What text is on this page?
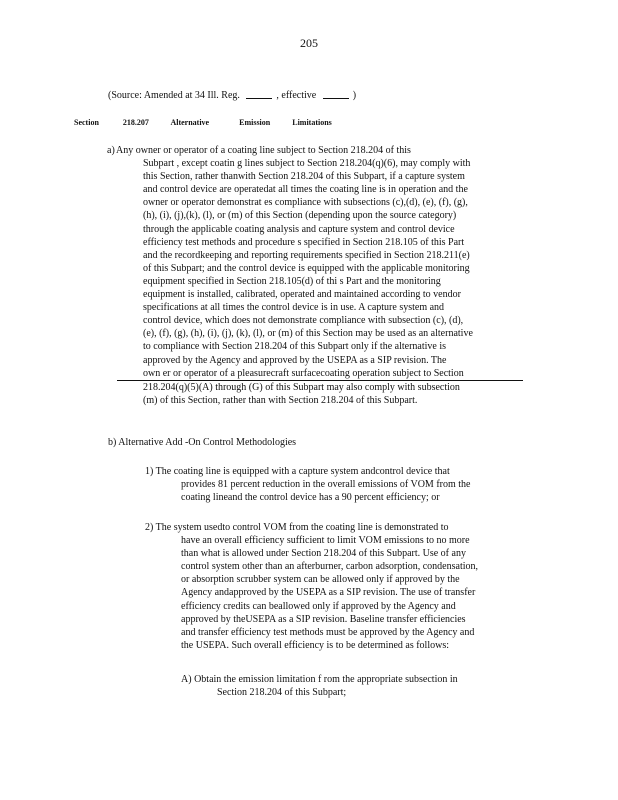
205
(Source: Amended at 34 Ill. Reg.	, effective	)
Section	218.207	Alternative	Emission	Limitations
a) Any owner or operator of a coating line subject to Section 218.204 of this
Subpart , except coatin g lines subject to Section 218.204(q)(6), may comply with
this Section, rather thanwith Section 218.204 of this Subpart, if a capture system
and control device are operatedat all times the coating line is in operation and the
owner or operator demonstrat es compliance with subsections (c),(d), (e), (f), (g),
(h), (i), (j),(k), (l), or (m) of this Section (depending upon the source category)
through the applicable coating analysis and capture system and control device
efficiency test methods and procedure s specified in Section 218.105 of this Part
and the recordkeeping and reporting requirements specified in Section 218.211(e)
of this Subpart; and the control device is equipped with the applicable monitoring
equipment specified in Section 218.105(d) of thi s Part and the monitoring
equipment is installed, calibrated, operated and maintained according to vendor
specifications at all times the control device is in use. A capture system and
control device, which does not demonstrate compliance with subsection (c), (d),
(e), (f), (g), (h), (i), (j), (k), (l), or (m) of this Section may be used as an alternative
to compliance with Section 218.204 of this Subpart only if the alternative is
approved by the Agency and approved by the USEPA as a SIP revision. The
own er or operator of a pleasurecraft surfacecoating operation subject to Section
218.204(q)(5)(A) through (G) of this Subpart may also comply with subsection
(m) of this Section, rather than with Section 218.204 of this Subpart.
b) Alternative Add -On Control Methodologies
1) The coating line is equipped with a capture system andcontrol device that
provides 81 percent reduction in the overall emissions of VOM from the
coating lineand the control device has a 90 percent efficiency; or
2) The system usedto control VOM from the coating line is demonstrated to
have an overall efficiency sufficient to limit VOM emissions to no more
than what is allowed under Section 218.204 of this Subpart. Use of any
control system other than an afterburner, carbon adsorption, condensation,
or absorption scrubber system can be allowed only if approved by the
Agency andapproved by the USEPA as a SIP revision. The use of transfer
efficiency credits can beallowed only if approved by the Agency and
approved by theUSEPA as a SIP revision. Baseline transfer efficiencies
and transfer efficiency test methods must be approved by the Agency and
the USEPA. Such overall efficiency is to be determined as follows:
A) Obtain the emission limitation f rom the appropriate subsection in
Section 218.204 of this Subpart;
